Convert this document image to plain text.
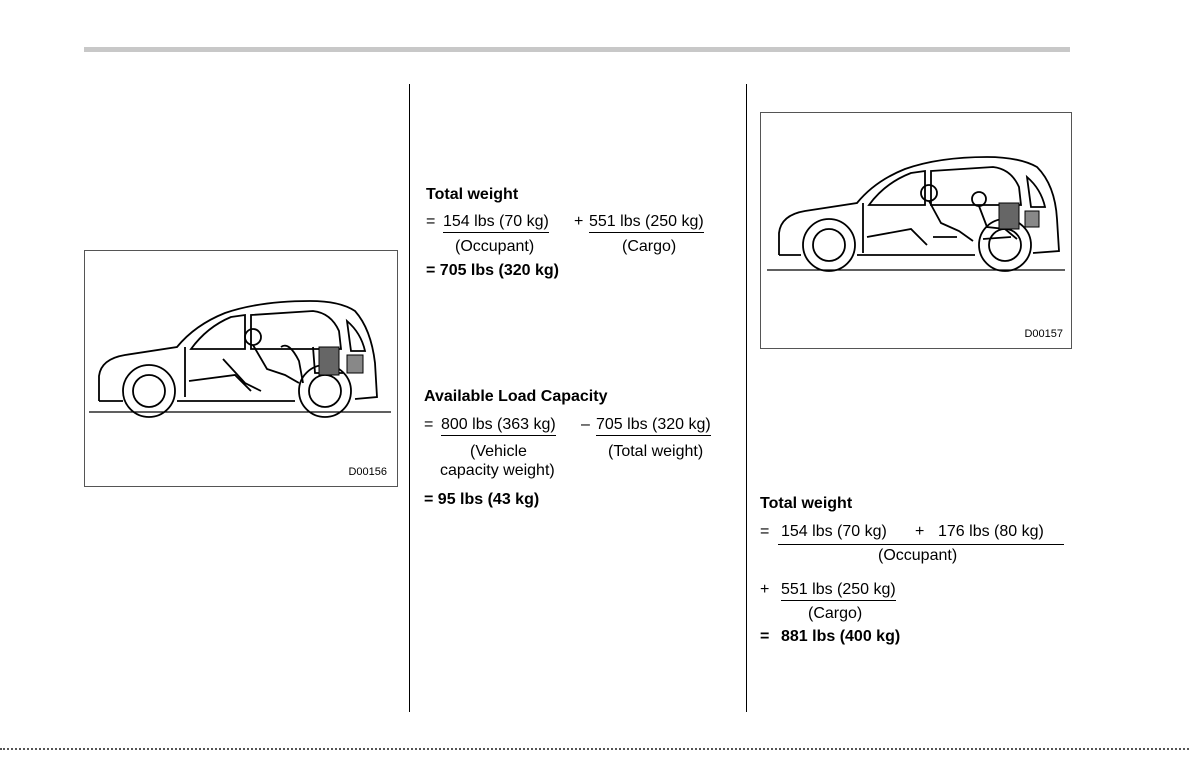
D00156
D00157
Total weight
= 154 lbs (70 kg) + 551 lbs (250 kg)
(Occupant)	(Cargo)
= 705 lbs (320 kg)
Available Load Capacity
= 800 lbs (363 kg) – 705 lbs (320 kg)
(Vehicle
capacity weight)
(Total weight)
= 95 lbs (43 kg)	Total weight
= 154 lbs (70 kg) + 176 lbs (80 kg)
(Occupant)
+ 551 lbs (250 kg)
(Cargo)
= 881 lbs (400 kg)
